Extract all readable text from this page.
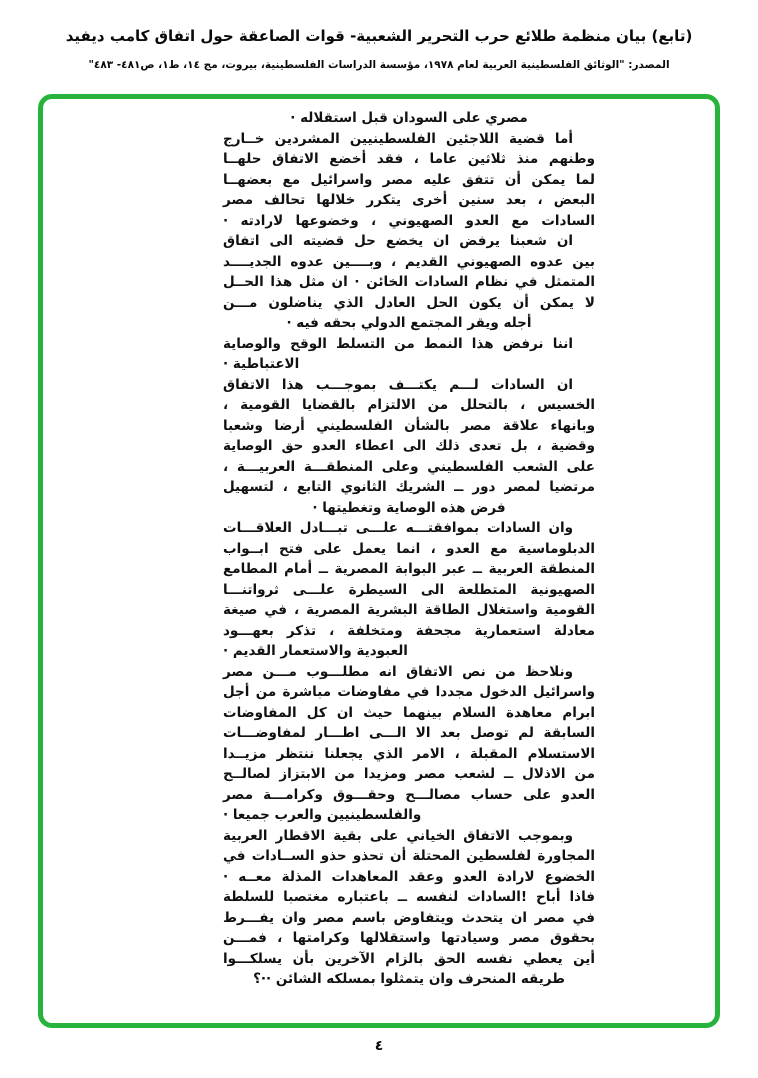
(تابع) بيان منظمة طلائع حرب التحرير الشعبية- قوات الصاعقة حول اتفاق كامب ديفيد
المصدر: "الوثائق الفلسطينية العربية لعام ١٩٧٨، مؤسسة الدراسات الفلسطينية، بيروت، مج ١٤، ط١، ص٤٨١- ٤٨٣"
مصري على السودان قبل استقلاله ·
أما قضية اللاجئين الفلسطينيين المشردين خــارج
وطنهم منذ ثلاثين عاما ، فقد أخضع الاتفاق حلهــا
لما يمكن أن تتفق عليه مصر واسرائيل مع بعضهــا
البعض ، بعد سنين أخرى يتكرر خلالها تحالف مصر
السادات مع العدو الصهيوني ، وخضوعها لارادته ·
ان شعبنا يرفض ان يخضع حل قضيته الى اتفاق
بين عدوه الصهيوني القديم ، وبــــين عدوه الجديــــد
المتمثل في نظام السادات الخائن · ان مثل هذا الحــل
لا يمكن أن يكون الحل العادل الذي يناضلون مـــن
أجله ويقر المجتمع الدولي بحقه فيه ·
اننا نرفض هذا النمط من التسلط الوقح والوصاية
الاعتباطية ·
ان السادات لـــم يكتـــف بموجـــب هذا الاتفاق
الخسيس ، بالتحلل من الالتزام بالقضايا القومية ،
وبانهاء علاقة مصر بالشأن الفلسطيني أرضا وشعبا
وقضية ، بل تعدى ذلك الى اعطاء العدو حق الوصاية
على الشعب الفلسطيني وعلى المنطقـــة العربيـــة ،
مرتضيا لمصر دور ــ الشريك الثانوي التابع ، لتسهيل
فرض هذه الوصاية وتغطيتها ·
وان السادات بموافقتـــه علـــى تبـــادل العلاقـــات
الدبلوماسية مع العدو ، انما يعمل على فتح ابــواب
المنطقة العربية ــ عبر البوابة المصرية ــ أمام المطامع
الصهيونية المتطلعة الى السيطرة علـــى ثرواتنـــا
القومية واستغلال الطاقة البشرية المصرية ، في صيغة
معادلة استعمارية مجحفة ومتخلفة ، تذكر بعهـــود
العبودية والاستعمار القديم ·
ونلاحظ من نص الاتفاق انه مطلـــوب مـــن مصر
واسرائيل الدخول مجددا في مفاوضات مباشرة من أجل
ابرام معاهدة السلام بينهما حيث ان كل المفاوضات
السابقة لم توصل بعد الا الـــى اطـــار لمفاوضـــات
الاستسلام المقبلة ، الامر الذي يجعلنا ننتظر مزيــدا
من الاذلال ــ لشعب مصر ومزيدا من الابتزاز لصالــح
العدو على حساب مصالـــح وحقـــوق وكرامـــة مصر
والفلسطينيين والعرب جميعا ·
وبموجب الاتفاق الخياني على بقية الاقطار العربية
المجاورة لفلسطين المحتلة أن تحذو حذو الســادات في
الخضوع لارادة العدو وعقد المعاهدات المذلة معــه ·
فاذا أباح !السادات لنفسه ــ باعتباره مغتصبا للسلطة
في مصر ان يتحدث ويتفاوض باسم مصر وان يفـــرط
بحقوق مصر وسيادتها واستقلالها وكرامتها ، فمـــن
أين يعطي نفسه الحق بالزام الآخرين بأن يسلكـــوا
طريقه المنحرف وان يتمثلوا بمسلكه الشائن ··؟
٤
